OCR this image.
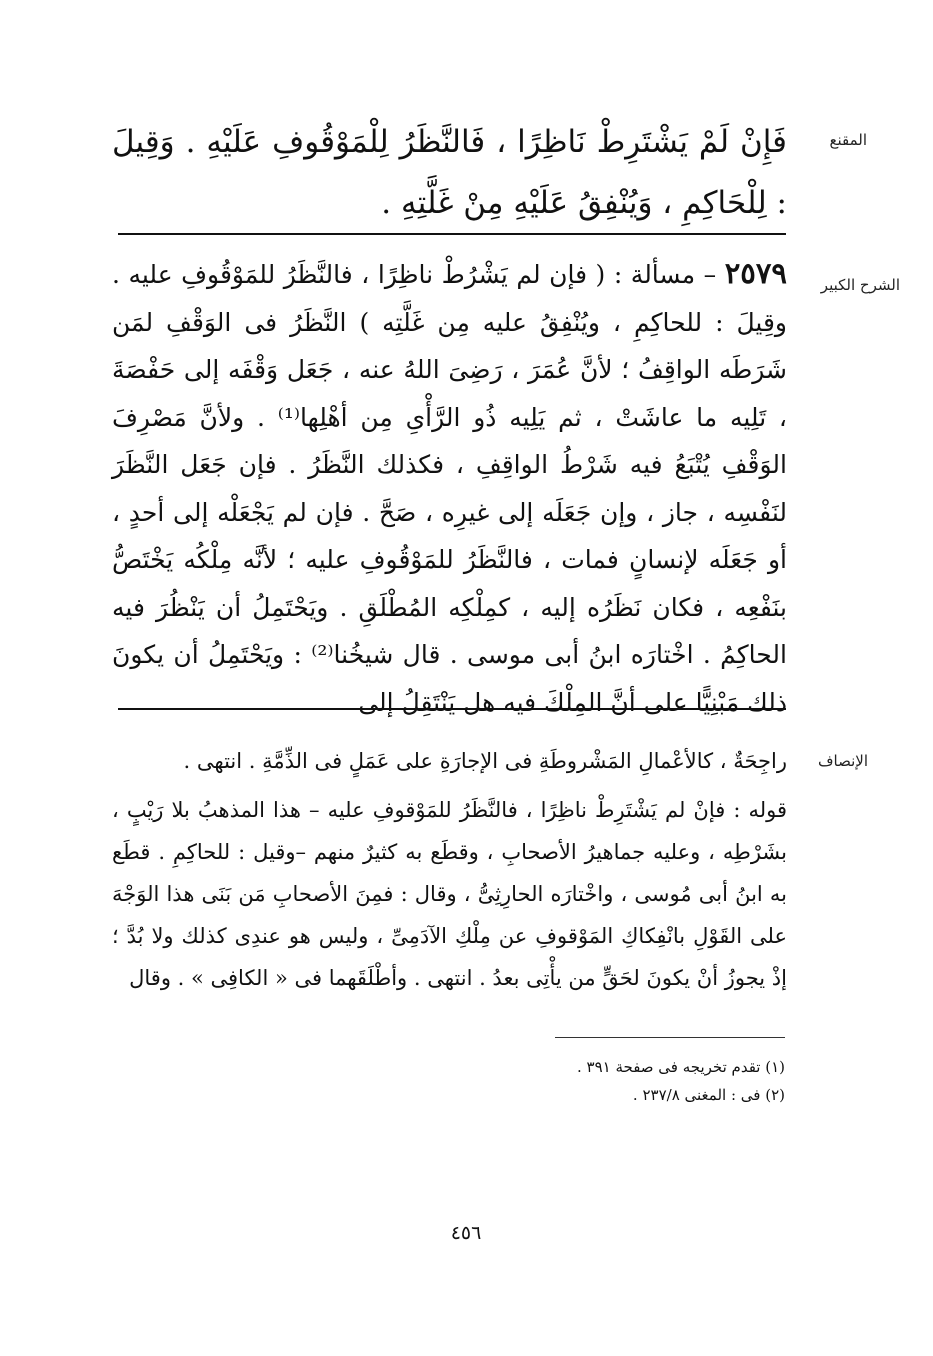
المقنع
الشرح الكبير
الإنصاف

فَإِنْ لَمْ يَشْتَرِطْ نَاظِرًا ، فَالنَّظَرُ لِلْمَوْقُوفِ عَلَيْهِ . وَقِيلَ : لِلْحَاكِمِ ، وَيُنْفِقُ عَلَيْهِ مِنْ غَلَّتِهِ .

٢٥٧٩ – مسألة : ( فإن لم يَشْرُطْ ناظِرًا ، فالنَّظَرُ للمَوْقُوفِ عليه . وقِيلَ : للحاكِمِ ، ويُنْفِقُ عليه مِن غَلَّتِه ) النَّظَرُ فى الوَقْفِ لمَن شَرَطَه الواقِفُ ؛ لأنَّ عُمَرَ ، رَضِىَ اللهُ عنه ، جَعَل وَقْفَه إلى حَفْصَةَ ، تَلِيه ما عاشَتْ ، ثم يَلِيه ذُو الرَّأْىِ مِن أهْلِها⁽¹⁾ . ولأنَّ مَصْرِفَ الوَقْفِ يُتْبَعُ فيه شَرْطُ الواقِفِ ، فكذلك النَّظَرُ . فإن جَعَل النَّظَرَ لنَفْسِه ، جاز ، وإن جَعَلَه إلى غيرِه ، صَحَّ . فإن لم يَجْعَلْه إلى أحدٍ ، أو جَعَلَه لإنسانٍ فمات ، فالنَّظَرُ للمَوْقُوفِ عليه ؛ لأنَّه مِلْكُه يَخْتَصُّ بنَفْعِه ، فكان نَظَرُه إليه ، كمِلْكِه المُطْلَقِ . ويَحْتَمِلُ أن يَنْظُرَ فيه الحاكِمُ . اخْتارَه ابنُ أبى موسى . قال شيخُنا⁽²⁾ : ويَحْتَمِلُ أن يكونَ ذلك مَبْنِيًّا على أنَّ المِلْكَ فيه هل يَنْتَقِلُ إلى

راجِحَةٌ ، كالأعْمالِ المَشْروطَةِ فى الإجارَةِ على عَمَلٍ فى الذِّمَّةِ . انتهى .

قوله : فإنْ لم يَشْتَرِطْ ناظِرًا ، فالنَّظَرُ للمَوْقوفِ عليه – هذا المذهبُ بلا رَيْبٍ ، بشَرْطِه ، وعليه جماهيرُ الأصحابِ ، وقطَع به كثيرٌ منهم –وقيل : للحاكِمِ . قطَع به ابنُ أبى مُوسى ، واخْتارَه الحارِثِىُّ ، وقال : فمِنَ الأصحابِ مَن بَنَى هذا الوَجْهَ على القَوْلِ بانْفِكاكِ المَوْقوفِ عن مِلْكِ الآدَمِىِّ ، وليس هو عندِى كذلك ولا بُدَّ ؛ إذْ يجوزُ أنْ يكونَ لحَقٍّ من يأْتِى بعدُ . انتهى . وأطْلَقَهما فى « الكافِى » . وقال

(١) تقدم تخريجه فى صفحة ٣٩١ .

(٢) فى : المغنى ٢٣٧/٨ .

٤٥٦
